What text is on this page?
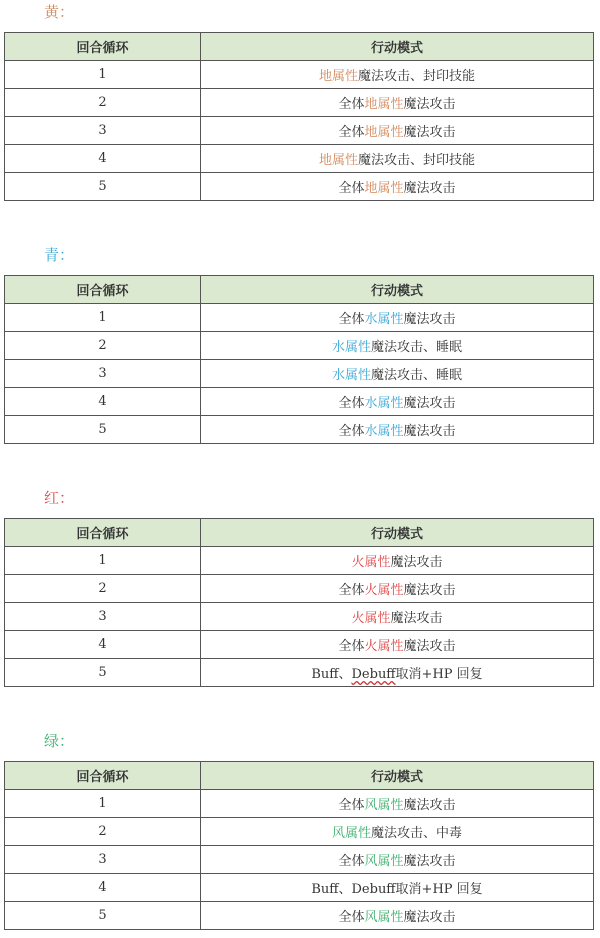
黄：
回合循环	行动模式
1	地属性魔法攻击、封印技能
2	全体地属性魔法攻击
3	全体地属性魔法攻击
4	地属性魔法攻击、封印技能
5	全体地属性魔法攻击
青：
回合循环	行动模式
1	全体水属性魔法攻击
2	水属性魔法攻击、睡眠
3	水属性魔法攻击、睡眠
4	全体水属性魔法攻击
5	全体水属性魔法攻击
红：
回合循环	行动模式
1	火属性魔法攻击
2	全体火属性魔法攻击
3	火属性魔法攻击
4	全体火属性魔法攻击
5	Buff、Debuff取消+HP 回复
绿：
回合循环	行动模式
1	全体风属性魔法攻击
2	风属性魔法攻击、中毒
3	全体风属性魔法攻击
4	Buff、Debuff取消+HP 回复
5	全体风属性魔法攻击
